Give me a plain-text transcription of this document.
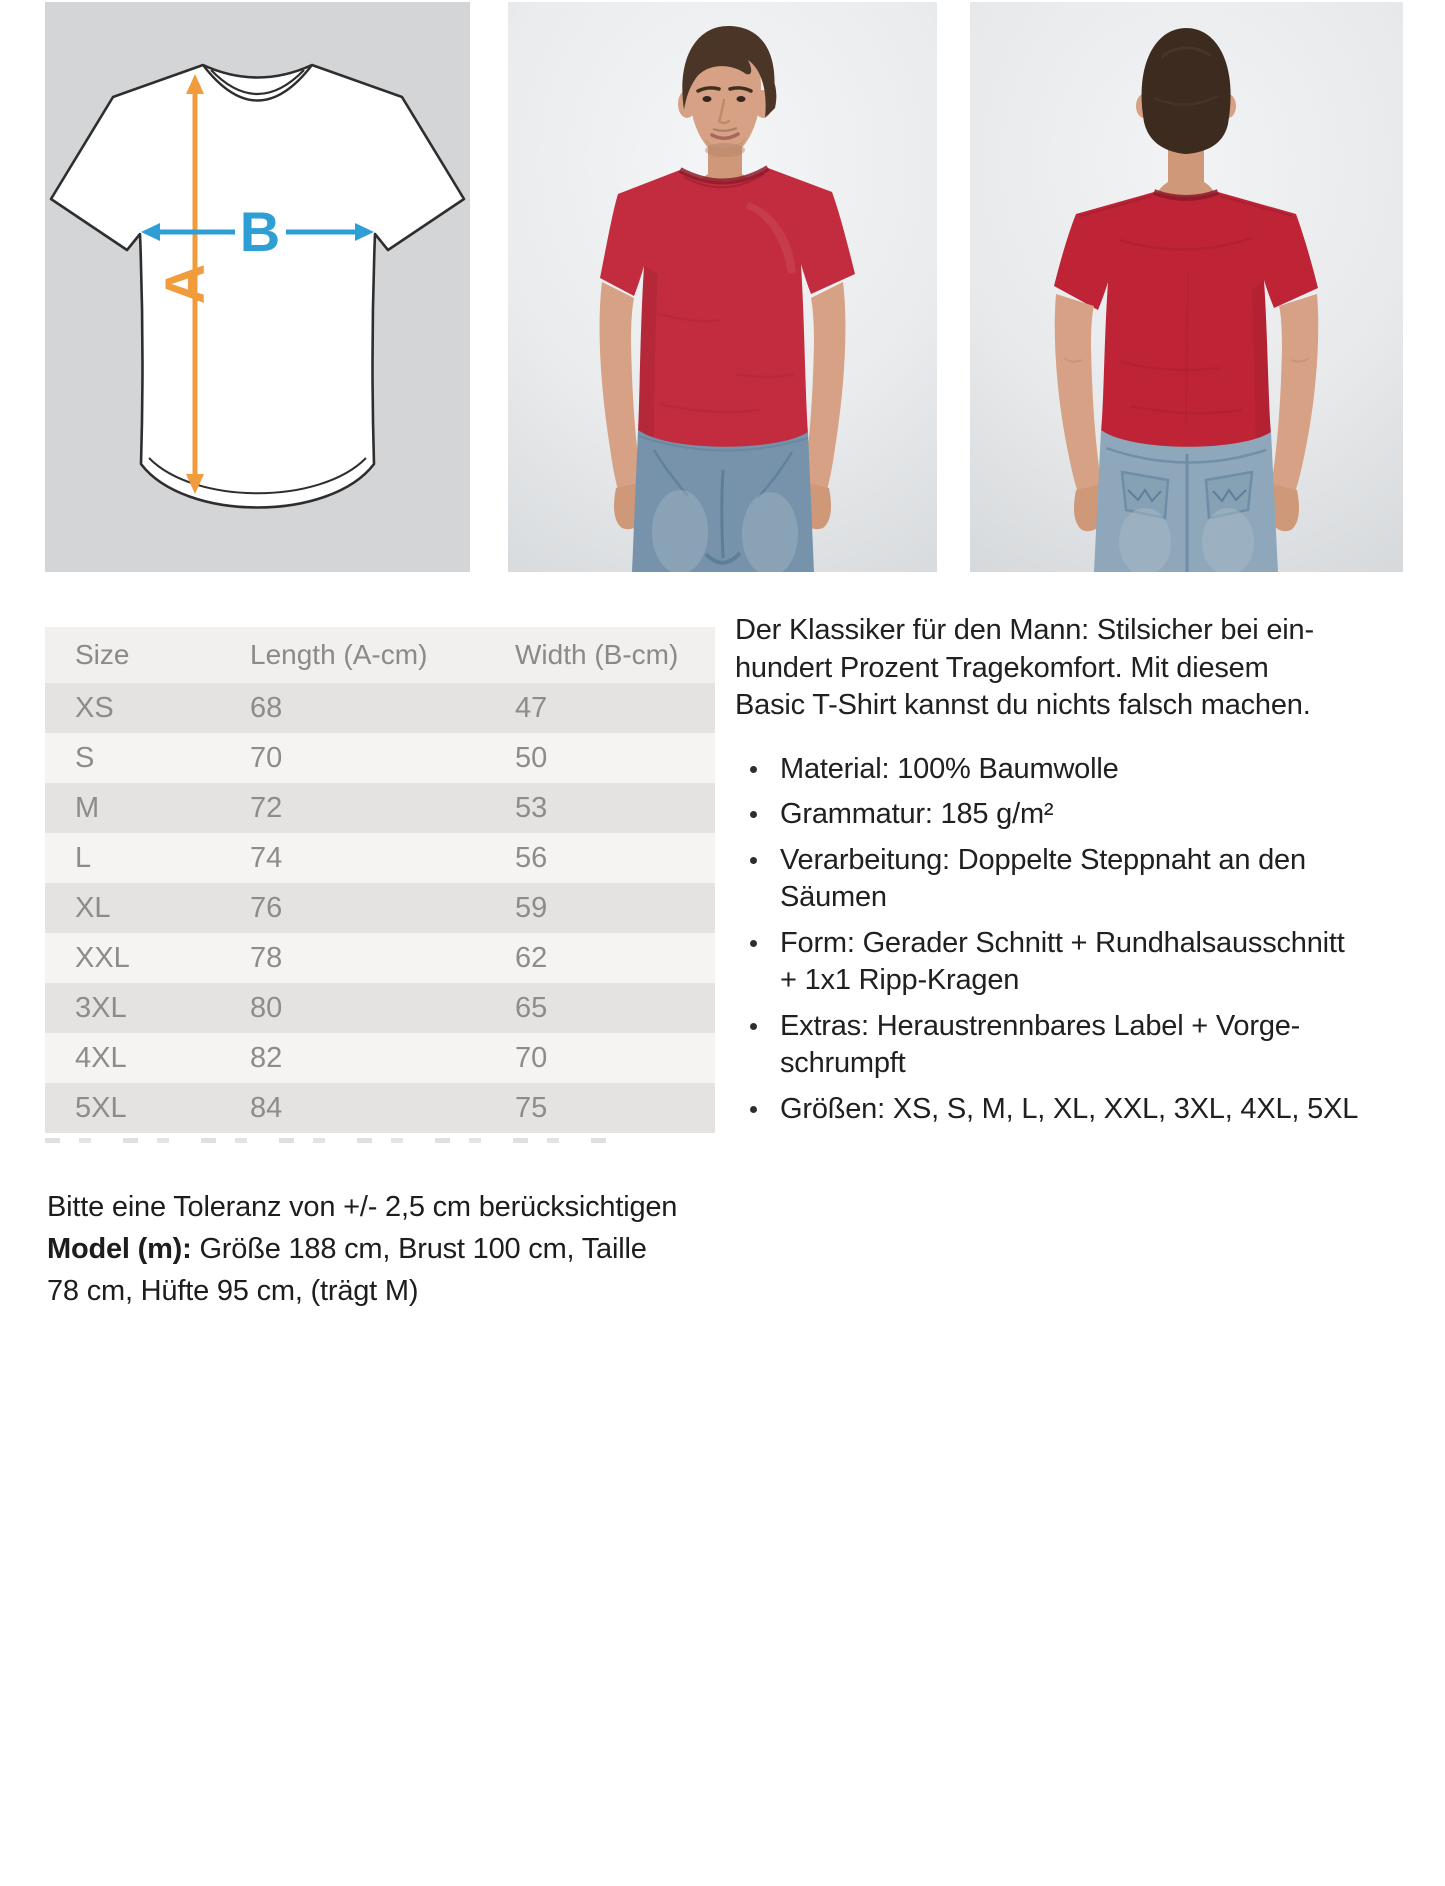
A
B
Size	Length (A-cm)	Width (B-cm)
XS	68	47
S	70	50
M	72	53
L	74	56
XL	76	59
XXL	78	62
3XL	80	65
4XL	82	70
5XL	84	75

Der Klassiker für den Mann: Stilsicher bei ein-
hundert Prozent Tragekomfort. Mit diesem
Basic T-Shirt kannst du nichts falsch machen.

Material: 100% Baumwolle
Grammatur: 185 g/m²
Verarbeitung: Doppelte Steppnaht an den
Säumen
Form: Gerader Schnitt + Rundhalsausschnitt
+ 1x1 Ripp-Kragen
Extras: Heraustrennbares Label + Vorge-
schrumpft
Größen: XS, S, M, L, XL, XXL, 3XL, 4XL, 5XL
Bitte eine Toleranz von +/- 2,5 cm berücksichtigen
Model (m): Größe 188 cm, Brust 100 cm, Taille
78 cm, Hüfte 95 cm, (trägt M)
